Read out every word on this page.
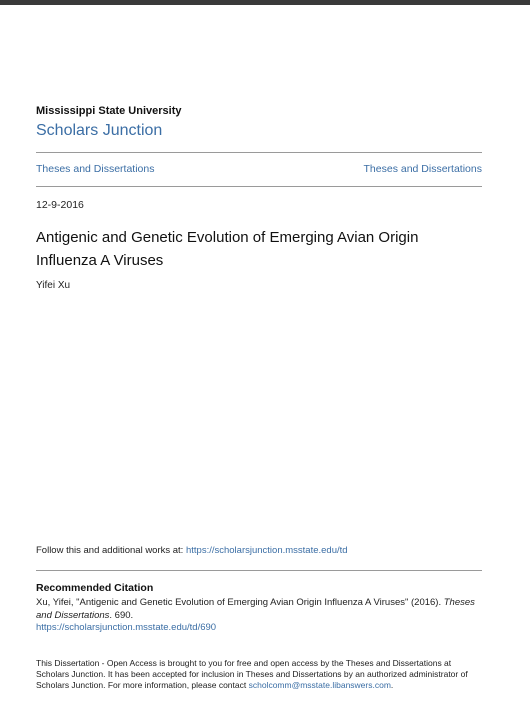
Mississippi State University
Scholars Junction
Theses and Dissertations	Theses and Dissertations
12-9-2016
Antigenic and Genetic Evolution of Emerging Avian Origin Influenza A Viruses
Yifei Xu
Follow this and additional works at: https://scholarsjunction.msstate.edu/td
Recommended Citation
Xu, Yifei, "Antigenic and Genetic Evolution of Emerging Avian Origin Influenza A Viruses" (2016). Theses and Dissertations. 690.
https://scholarsjunction.msstate.edu/td/690
This Dissertation - Open Access is brought to you for free and open access by the Theses and Dissertations at Scholars Junction. It has been accepted for inclusion in Theses and Dissertations by an authorized administrator of Scholars Junction. For more information, please contact scholcomm@msstate.libanswers.com.
